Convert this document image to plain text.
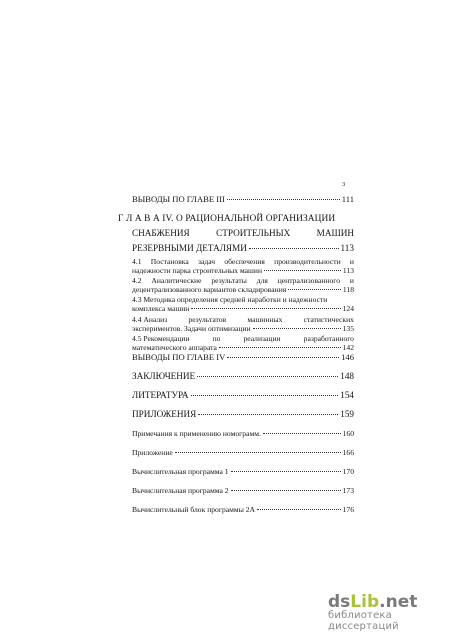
3
ВЫВОДЫ ПО ГЛАВЕ III	111
Г Л А В А IV. О РАЦИОНАЛЬНОЙ ОРГАНИЗАЦИИ
СНАБЖЕНИЯ	СТРОИТЕЛЬНЫХ	МАШИН
РЕЗЕРВНЫМИ ДЕТАЛЯМИ	113
4.1 Постановка задач обеспечения производительности и
надежности парка строительных машин	113
4.2 Аналитические результаты для централизованного и
децентрализованного вариантов складирования	118
4.3 Методика определения средней наработки и надежности
комплекса машин	124
4.4 Анализ	результатов	машинных	статистических
экспериментов. Задачи оптимизации	135
4.5 Рекомендации	по	реализации	разработанного
математического аппарата	142
ВЫВОДЫ ПО ГЛАВЕ IV	146
ЗАКЛЮЧЕНИЕ	148
ЛИТЕРАТУРА	154
ПРИЛОЖЕНИЯ	159
Примечания к применению номограмм.	160
Приложение	166
Вычислительная программа 1	170
Вычислительная программа 2	173
Вычислительный блок программы 2А	176
ds Lib .net
библиотека диссертаций
